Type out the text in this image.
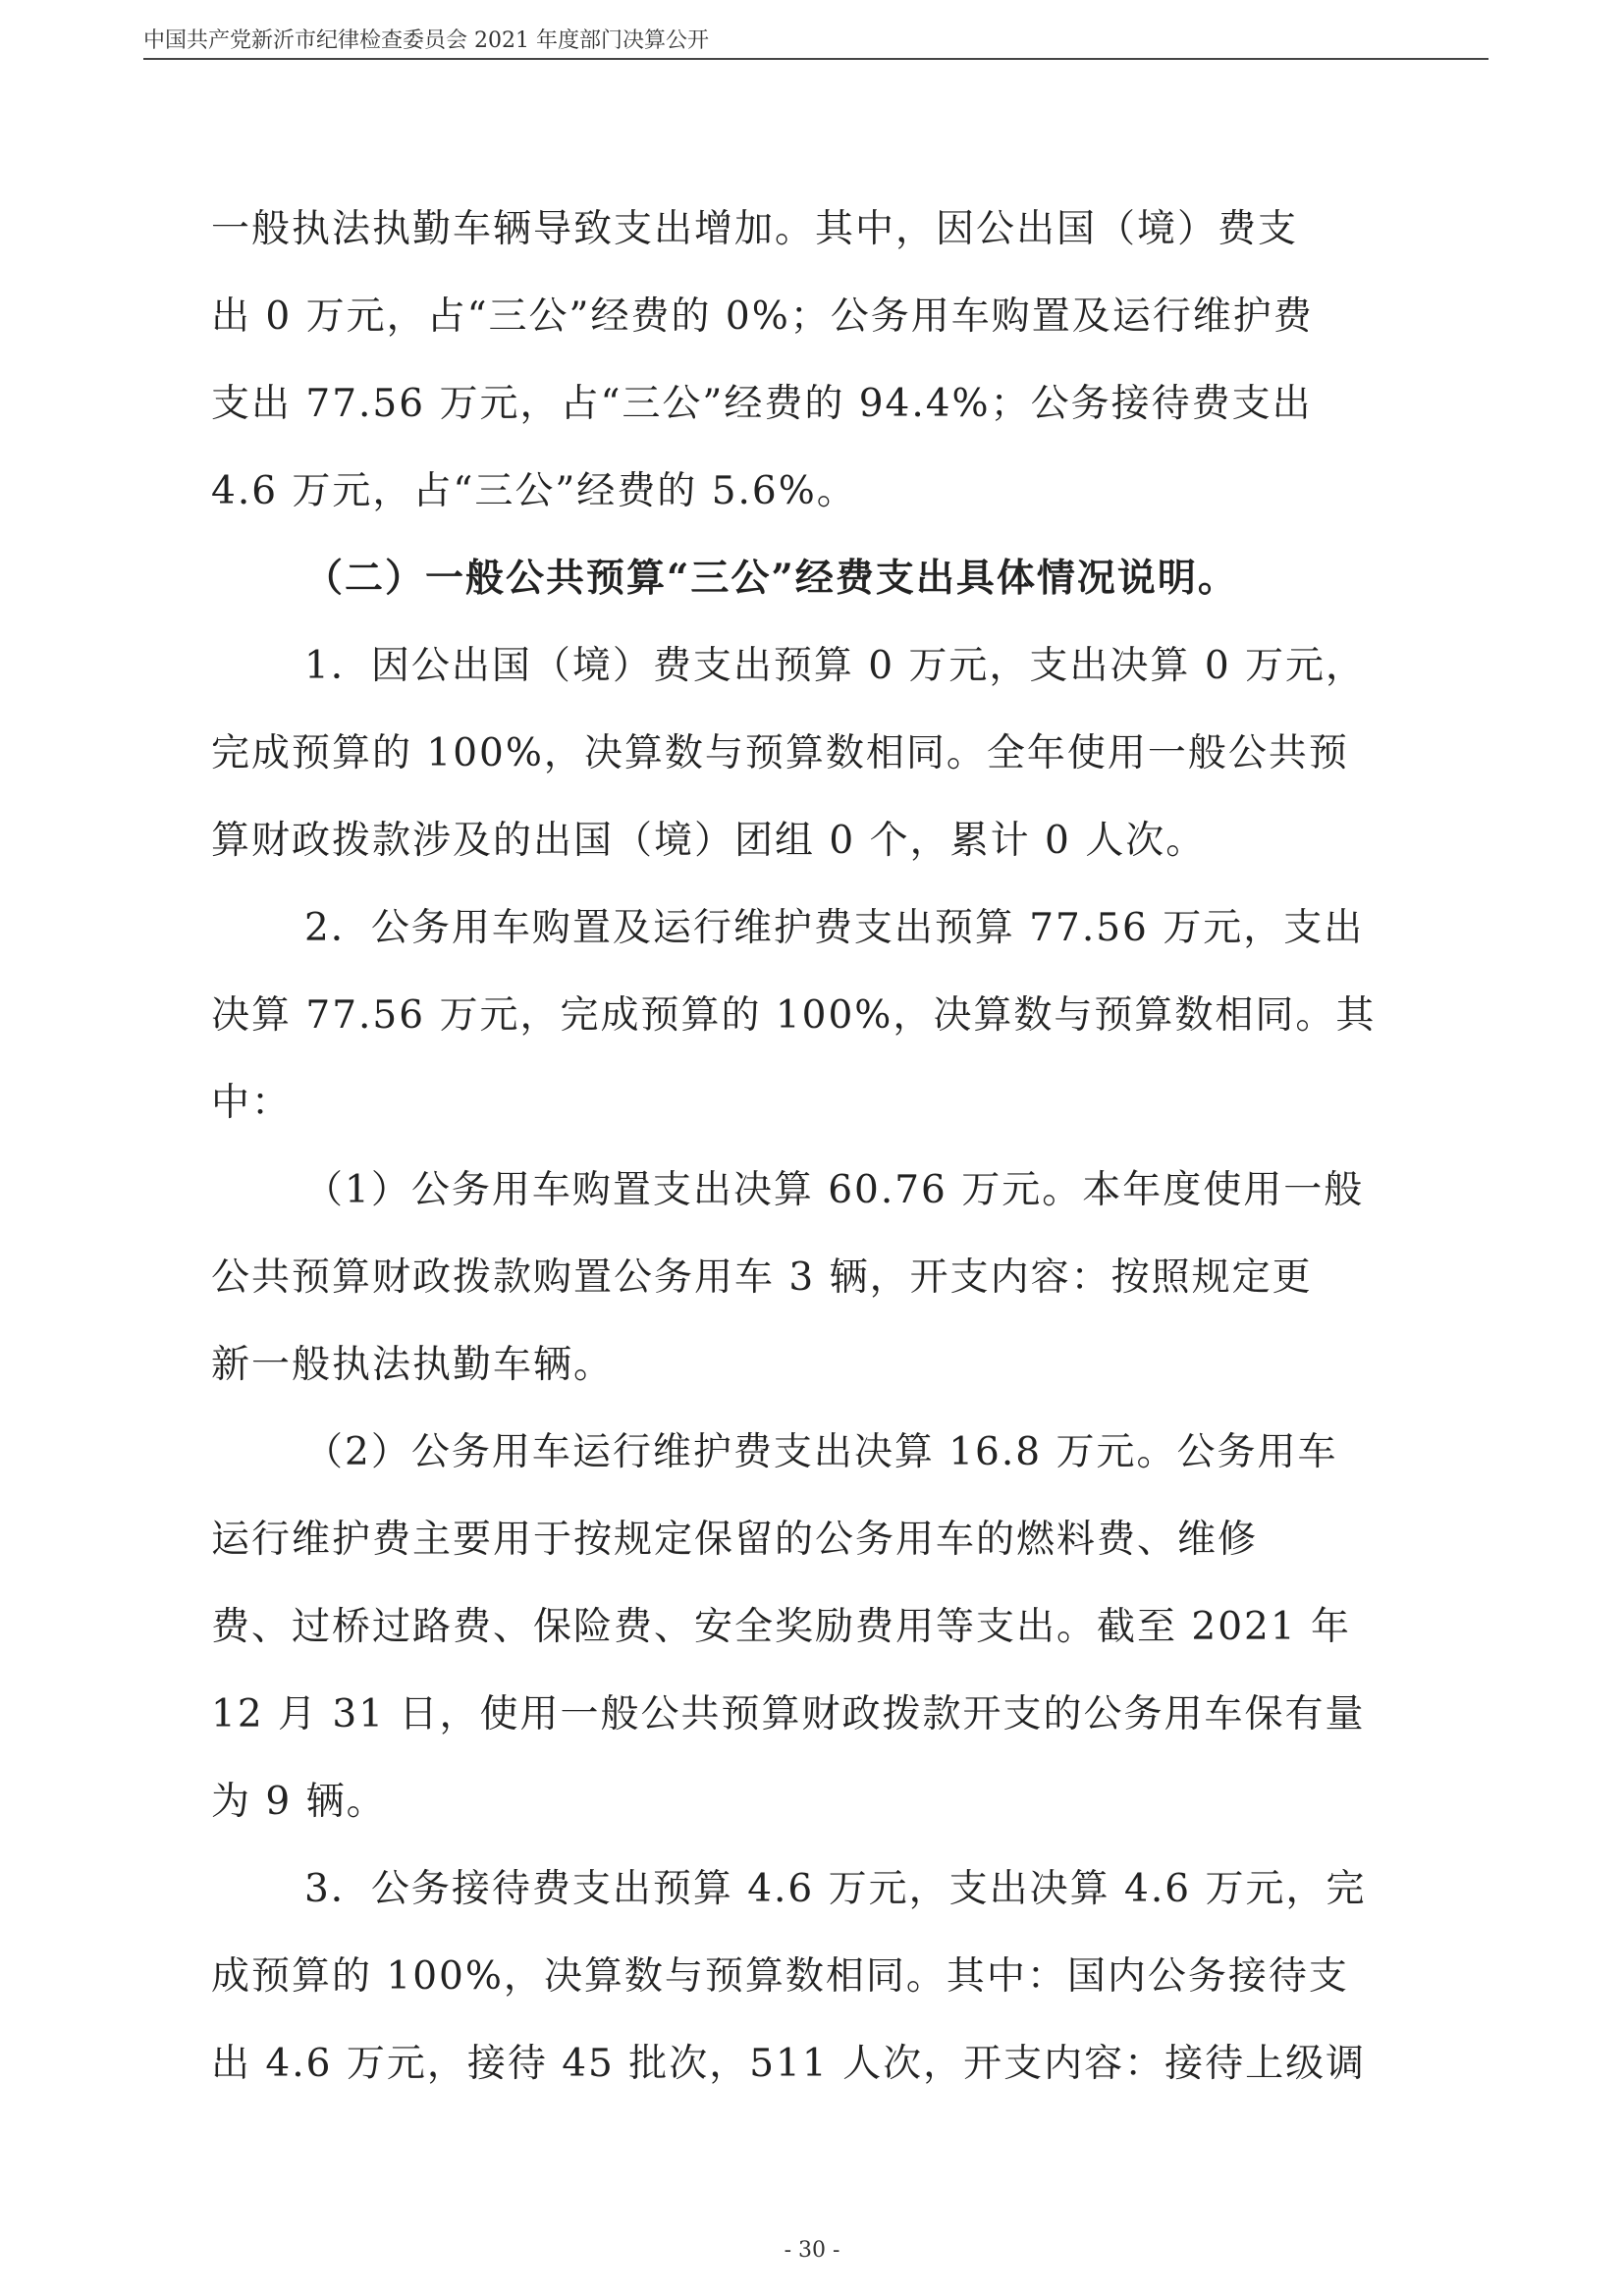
中国共产党新沂市纪律检查委员会 2021 年度部门决算公开
一般执法执勤车辆导致支出增加。其中，因公出国（境）费支
出 0 万元，占“三公”经费的 0%；公务用车购置及运行维护费
支出 77.56 万元，占“三公”经费的 94.4%；公务接待费支出
4.6 万元，占“三公”经费的 5.6%。
（二）一般公共预算“三公”经费支出具体情况说明。
1．因公出国（境）费支出预算 0 万元，支出决算 0 万元，
完成预算的 100%，决算数与预算数相同。全年使用一般公共预
算财政拨款涉及的出国（境）团组 0 个，累计 0 人次。
2．公务用车购置及运行维护费支出预算 77.56 万元，支出
决算 77.56 万元，完成预算的 100%，决算数与预算数相同。其
中：
（1）公务用车购置支出决算 60.76 万元。本年度使用一般
公共预算财政拨款购置公务用车 3 辆，开支内容：按照规定更
新一般执法执勤车辆。
（2）公务用车运行维护费支出决算 16.8 万元。公务用车
运行维护费主要用于按规定保留的公务用车的燃料费、维修
费、过桥过路费、保险费、安全奖励费用等支出。截至 2021 年
12 月 31 日，使用一般公共预算财政拨款开支的公务用车保有量
为 9 辆。
3．公务接待费支出预算 4.6 万元，支出决算 4.6 万元，完
成预算的 100%，决算数与预算数相同。其中：国内公务接待支
出 4.6 万元，接待 45 批次，511 人次，开支内容：接待上级调
- 30 -
